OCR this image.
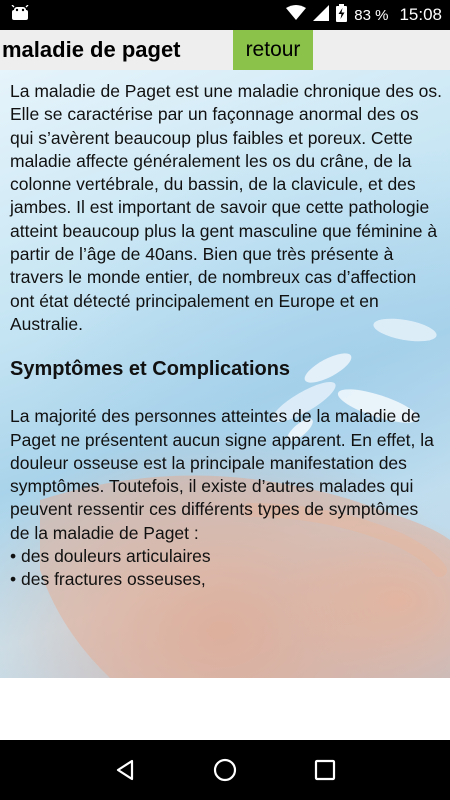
83 % 15:08
maladie de paget	retour

La maladie de Paget est une maladie chronique des os. Elle se caractérise par un façonnage anormal des os qui s’avèrent beaucoup plus faibles et poreux. Cette maladie affecte généralement les os du crâne, de la colonne vertébrale, du bassin, de la clavicule, et des jambes. Il est important de savoir que cette pathologie atteint beaucoup plus la gent masculine que féminine à partir de l’âge de 40ans. Bien que très présente à travers le monde entier, de nombreux cas d’affection ont état détecté principalement en Europe et en Australie.

Symptômes et Complications

La majorité des personnes atteintes de la maladie de Paget ne présentent aucun signe apparent. En effet, la douleur osseuse est la principale manifestation des symptômes. Toutefois, il existe d’autres malades qui peuvent ressentir ces différents types de symptômes de la maladie de Paget :

• des douleurs articulaires
• des fractures osseuses,
